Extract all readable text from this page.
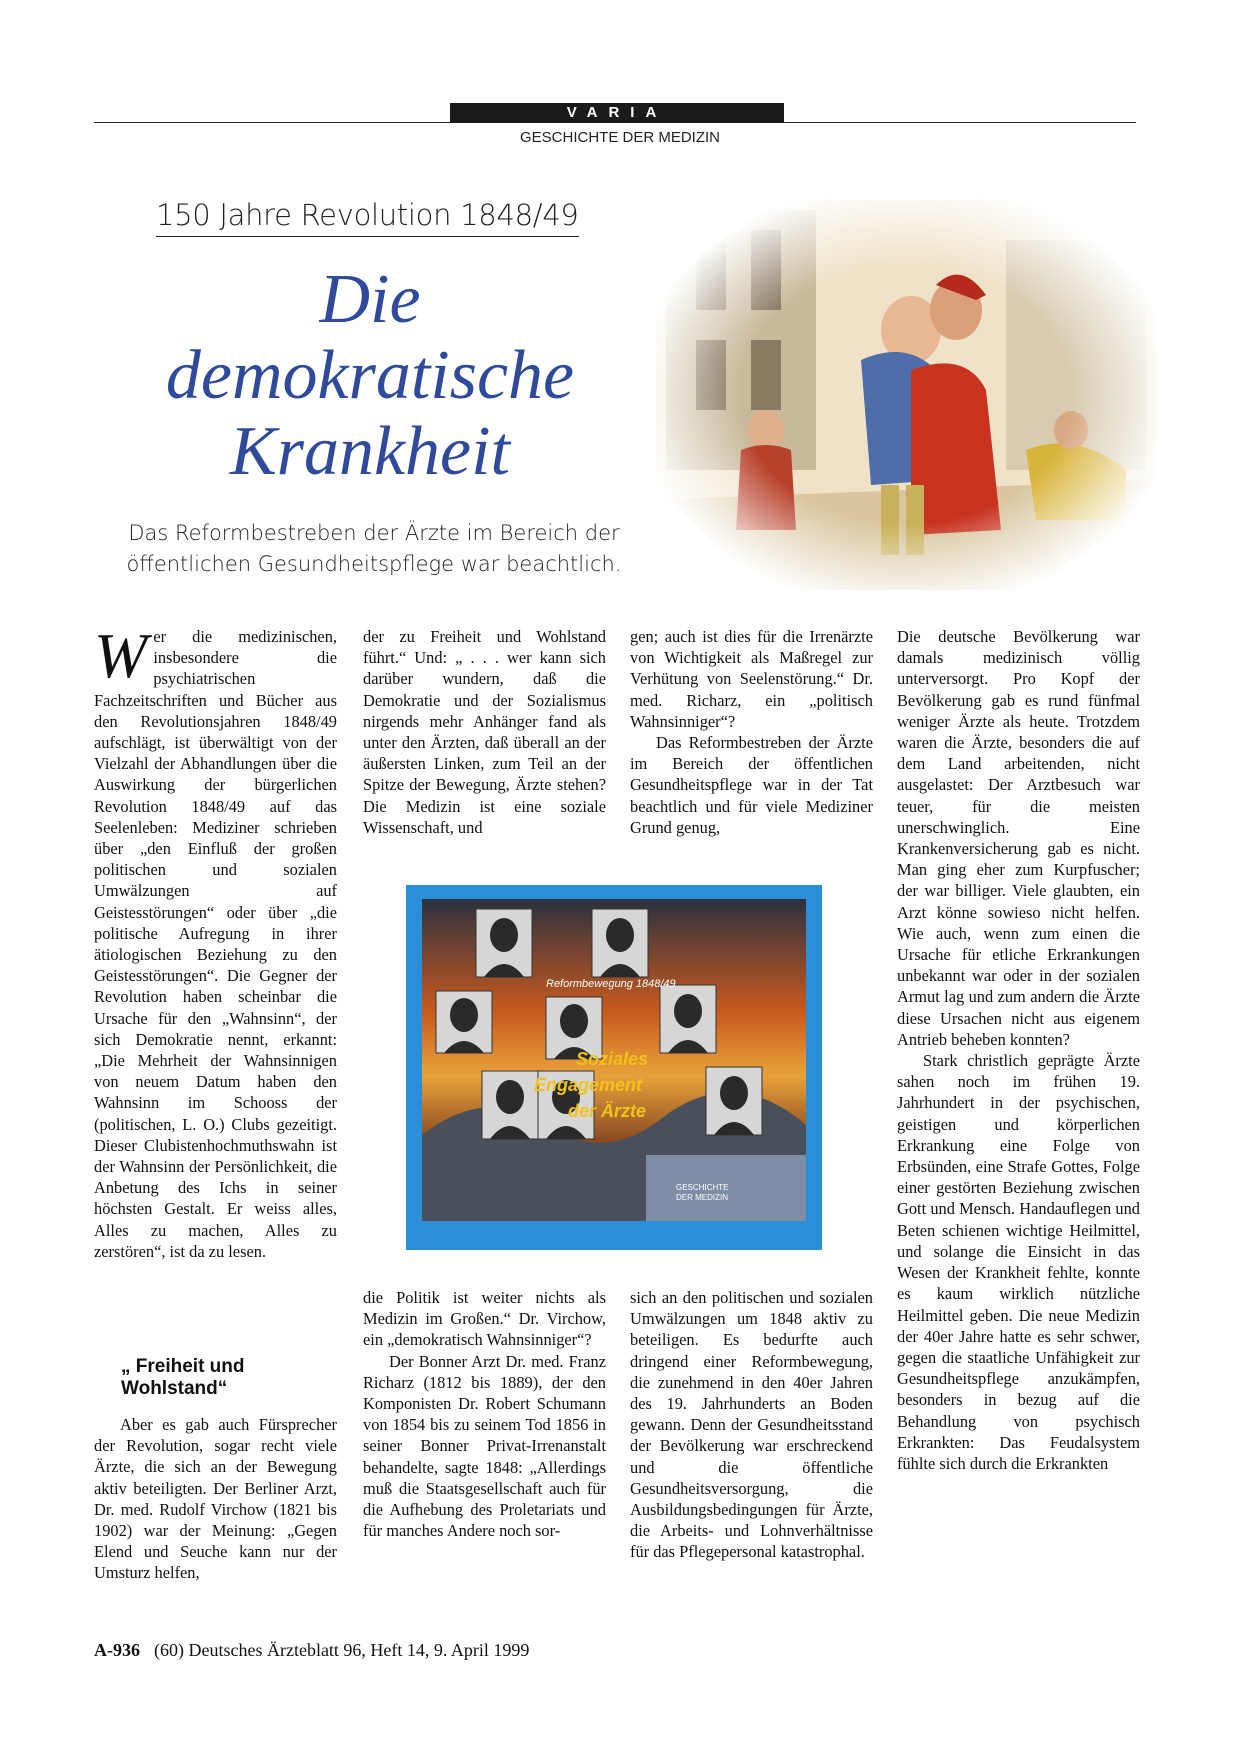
VARIA
GESCHICHTE DER MEDIZIN
150 Jahre Revolution 1848/49
Die
demokratische
Krankheit
Das Reformbestreben der Ärzte im Bereich der öffentlichen Gesundheitspflege war beachtlich.

Wer die medizinischen, insbesondere die psychiatrischen Fachzeitschriften und Bücher aus den Revolutionsjahren 1848/49 aufschlägt, ist überwältigt von der Vielzahl der Abhandlungen über die Auswirkung der bürgerlichen Revolution 1848/49 auf das Seelenleben: Mediziner schrieben über „den Einfluß der großen politischen und sozialen Umwälzungen auf Geistesstörungen“ oder über „die politische Aufregung in ihrer ätiologischen Beziehung zu den Geistesstörungen“. Die Gegner der Revolution haben scheinbar die Ursache für den „Wahnsinn“, der sich Demokratie nennt, erkannt: „Die Mehrheit der Wahnsinnigen von neuem Datum haben den Wahnsinn im Schooss der (politischen, L. O.) Clubs gezeitigt. Dieser Clubistenhochmuthswahn ist der Wahnsinn der Persönlichkeit, die Anbetung des Ichs in seiner höchsten Gestalt. Er weiss alles, Alles zu machen, Alles zu zerstören“, ist da zu lesen.

„ Freiheit und Wohlstand“

Aber es gab auch Fürsprecher der Revolution, sogar recht viele Ärzte, die sich an der Bewegung aktiv beteiligten. Der Berliner Arzt, Dr. med. Rudolf Virchow (1821 bis 1902) war der Meinung: „Gegen Elend und Seuche kann nur der Umsturz helfen,

der zu Freiheit und Wohlstand führt.“ Und: „ . . . wer kann sich darüber wundern, daß die Demokratie und der Sozialismus nirgends mehr Anhänger fand als unter den Ärzten, daß überall an der äußersten Linken, zum Teil an der Spitze der Bewegung, Ärzte stehen? Die Medizin ist eine soziale Wissenschaft, und

die Politik ist weiter nichts als Medizin im Großen.“ Dr. Virchow, ein „demokratisch Wahnsinniger“?

Der Bonner Arzt Dr. med. Franz Richarz (1812 bis 1889), der den Komponisten Dr. Robert Schumann von 1854 bis zu seinem Tod 1856 in seiner Bonner Privat-Irrenanstalt behandelte, sagte 1848: „Allerdings muß die Staatsgesellschaft auch für die Aufhebung des Proletariats und für manches Andere noch sor-

gen; auch ist dies für die Irrenärzte von Wichtigkeit als Maßregel zur Verhütung von Seelenstörung.“ Dr. med. Richarz, ein „politisch Wahnsinniger“?

Das Reformbestreben der Ärzte im Bereich der öffentlichen Gesundheitspflege war in der Tat beachtlich und für viele Mediziner Grund genug,

sich an den politischen und sozialen Umwälzungen um 1848 aktiv zu beteiligen. Es bedurfte auch dringend einer Reformbewegung, die zunehmend in den 40er Jahren des 19. Jahrhunderts an Boden gewann. Denn der Gesundheitsstand der Bevölkerung war erschreckend und die öffentliche Gesundheitsversorgung, die Ausbildungsbedingungen für Ärzte, die Arbeits- und Lohnverhältnisse für das Pflegepersonal katastrophal.

Die deutsche Bevölkerung war damals medizinisch völlig unterversorgt. Pro Kopf der Bevölkerung gab es rund fünfmal weniger Ärzte als heute. Trotzdem waren die Ärzte, besonders die auf dem Land arbeitenden, nicht ausgelastet: Der Arztbesuch war teuer, für die meisten unerschwinglich. Eine Krankenversicherung gab es nicht. Man ging eher zum Kurpfuscher; der war billiger. Viele glaubten, ein Arzt könne sowieso nicht helfen. Wie auch, wenn zum einen die Ursache für etliche Erkrankungen unbekannt war oder in der sozialen Armut lag und zum andern die Ärzte diese Ursachen nicht aus eigenem Antrieb beheben konnten?

Stark christlich geprägte Ärzte sahen noch im frühen 19. Jahrhundert in der psychischen, geistigen und körperlichen Erkrankung eine Folge von Erbsünden, eine Strafe Gottes, Folge einer gestörten Beziehung zwischen Gott und Mensch. Handauflegen und Beten schienen wichtige Heilmittel, und solange die Einsicht in das Wesen der Krankheit fehlte, konnte es kaum wirklich nützliche Heilmittel geben. Die neue Medizin der 40er Jahre hatte es sehr schwer, gegen die staatliche Unfähigkeit zur Gesundheitspflege anzukämpfen, besonders in bezug auf die Behandlung von psychisch Erkrankten: Das Feudalsystem fühlte sich durch die Erkrankten

Reformbewegung 1848/49
Soziales
Engagement
der Ärzte
GESCHICHTE
DER MEDIZIN
A-936 (60) Deutsches Ärzteblatt 96, Heft 14, 9. April 1999
